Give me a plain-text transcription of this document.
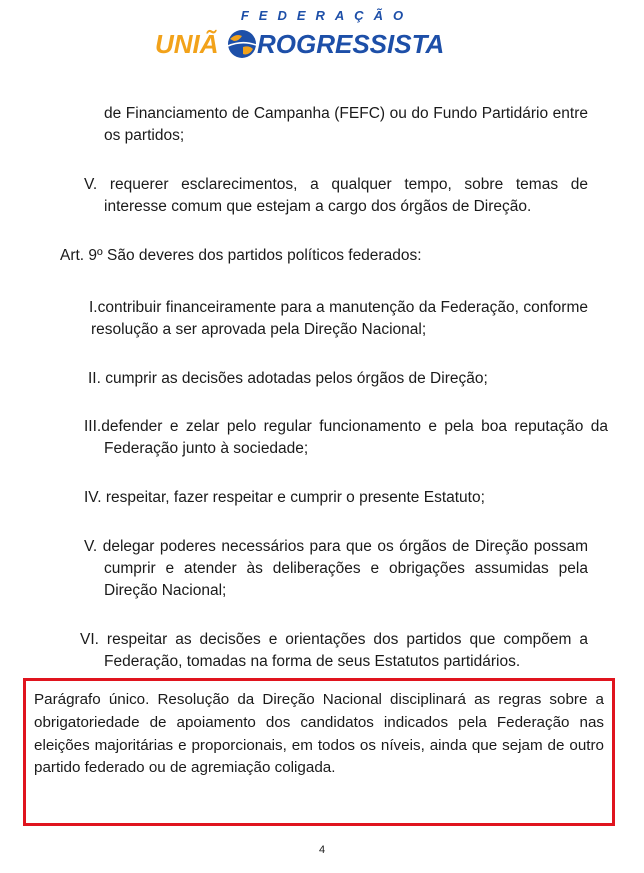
FEDERAÇÃO
UNIÃ ROGRESSISTA
de Financiamento de Campanha (FEFC) ou do Fundo Partidário entre os partidos;
V. requerer esclarecimentos, a qualquer tempo, sobre temas de interesse comum que estejam a cargo dos órgãos de Direção.
Art. 9º São deveres dos partidos políticos federados:
I.contribuir financeiramente para a manutenção da Federação, conforme resolução a ser aprovada pela Direção Nacional;
II. cumprir as decisões adotadas pelos órgãos de Direção;
III.defender e zelar pelo regular funcionamento e pela boa reputação da Federação junto à sociedade;
IV. respeitar, fazer respeitar e cumprir o presente Estatuto;
V. delegar poderes necessários para que os órgãos de Direção possam cumprir e atender às deliberações e obrigações assumidas pela Direção Nacional;
VI. respeitar as decisões e orientações dos partidos que compõem a Federação, tomadas na forma de seus Estatutos partidários.
Parágrafo único. Resolução da Direção Nacional disciplinará as regras sobre a obrigatoriedade de apoiamento dos candidatos indicados pela Federação nas eleições majoritárias e proporcionais, em todos os níveis, ainda que sejam de outro partido federado ou de agremiação coligada.
4
